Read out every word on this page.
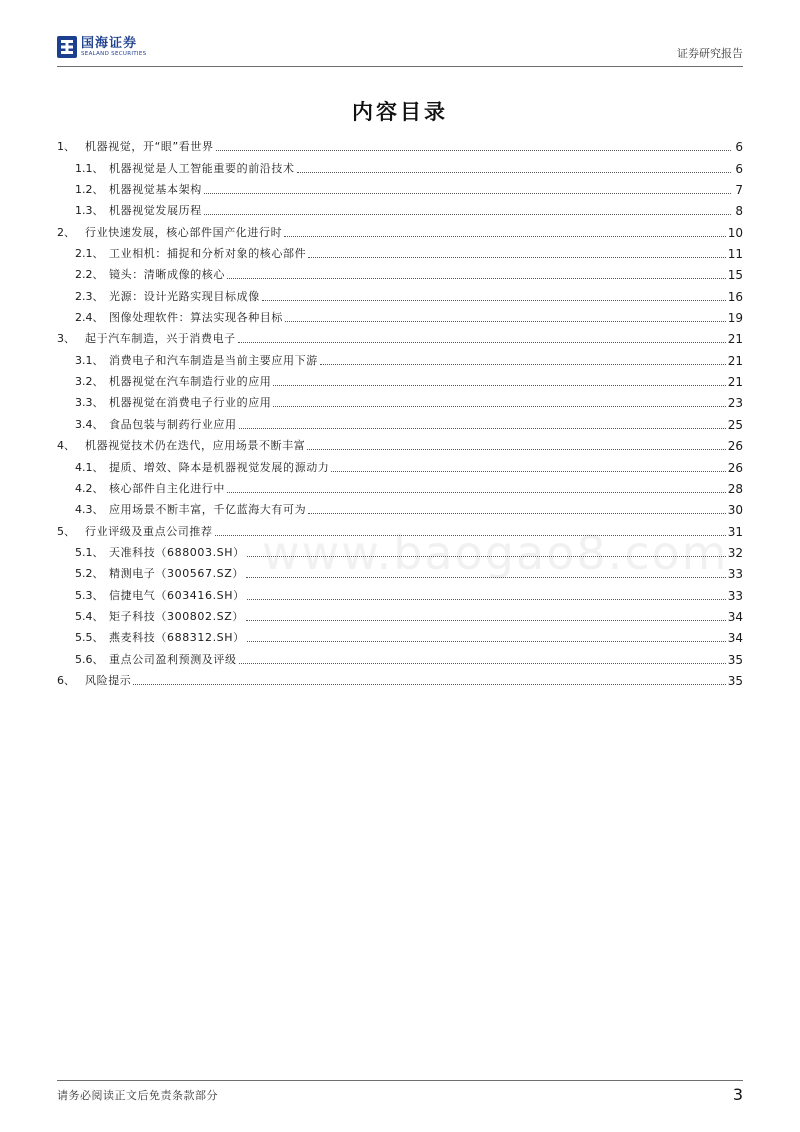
国海证券
SEALAND SECURITIES	证券研究报告
内容目录
www.baogao8.com
1、 机器视觉，开“眼”看世界	6
1.1、 机器视觉是人工智能重要的前沿技术	6
1.2、 机器视觉基本架构	7
1.3、 机器视觉发展历程	8
2、 行业快速发展，核心部件国产化进行时	10
2.1、 工业相机：捕捉和分析对象的核心部件	11
2.2、 镜头：清晰成像的核心	15
2.3、 光源：设计光路实现目标成像	16
2.4、 图像处理软件：算法实现各种目标	19
3、 起于汽车制造，兴于消费电子	21
3.1、 消费电子和汽车制造是当前主要应用下游	21
3.2、 机器视觉在汽车制造行业的应用	21
3.3、 机器视觉在消费电子行业的应用	23
3.4、 食品包装与制药行业应用	25
4、 机器视觉技术仍在迭代，应用场景不断丰富	26
4.1、 提质、增效、降本是机器视觉发展的源动力	26
4.2、 核心部件自主化进行中	28
4.3、 应用场景不断丰富，千亿蓝海大有可为	30
5、 行业评级及重点公司推荐	31
5.1、 天准科技（688003.SH）	32
5.2、 精测电子（300567.SZ）	33
5.3、 信捷电气（603416.SH）	33
5.4、 矩子科技（300802.SZ）	34
5.5、 燕麦科技（688312.SH）	34
5.6、 重点公司盈利预测及评级	35
6、 风险提示	35
请务必阅读正文后免责条款部分	3
